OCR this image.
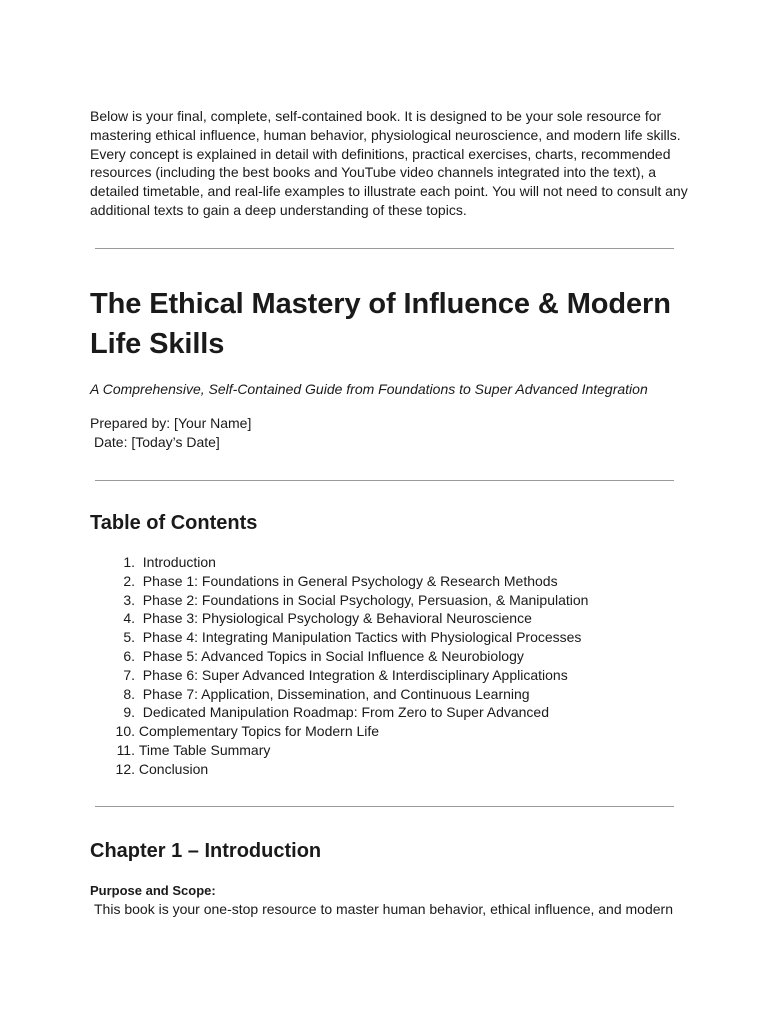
Below is your final, complete, self-contained book. It is designed to be your sole resource for mastering ethical influence, human behavior, physiological neuroscience, and modern life skills. Every concept is explained in detail with definitions, practical exercises, charts, recommended resources (including the best books and YouTube video channels integrated into the text), a detailed timetable, and real-life examples to illustrate each point. You will not need to consult any additional texts to gain a deep understanding of these topics.

The Ethical Mastery of Influence & Modern Life Skills

A Comprehensive, Self-Contained Guide from Foundations to Super Advanced Integration

Prepared by: [Your Name]

Date: [Today’s Date]

Table of Contents
1. Introduction
2. Phase 1: Foundations in General Psychology & Research Methods
3. Phase 2: Foundations in Social Psychology, Persuasion, & Manipulation
4. Phase 3: Physiological Psychology & Behavioral Neuroscience
5. Phase 4: Integrating Manipulation Tactics with Physiological Processes
6. Phase 5: Advanced Topics in Social Influence & Neurobiology
7. Phase 6: Super Advanced Integration & Interdisciplinary Applications
8. Phase 7: Application, Dissemination, and Continuous Learning
9. Dedicated Manipulation Roadmap: From Zero to Super Advanced
10. Complementary Topics for Modern Life
11. Time Table Summary
12. Conclusion
Chapter 1 – Introduction

Purpose and Scope:

This book is your one-stop resource to master human behavior, ethical influence, and modern
